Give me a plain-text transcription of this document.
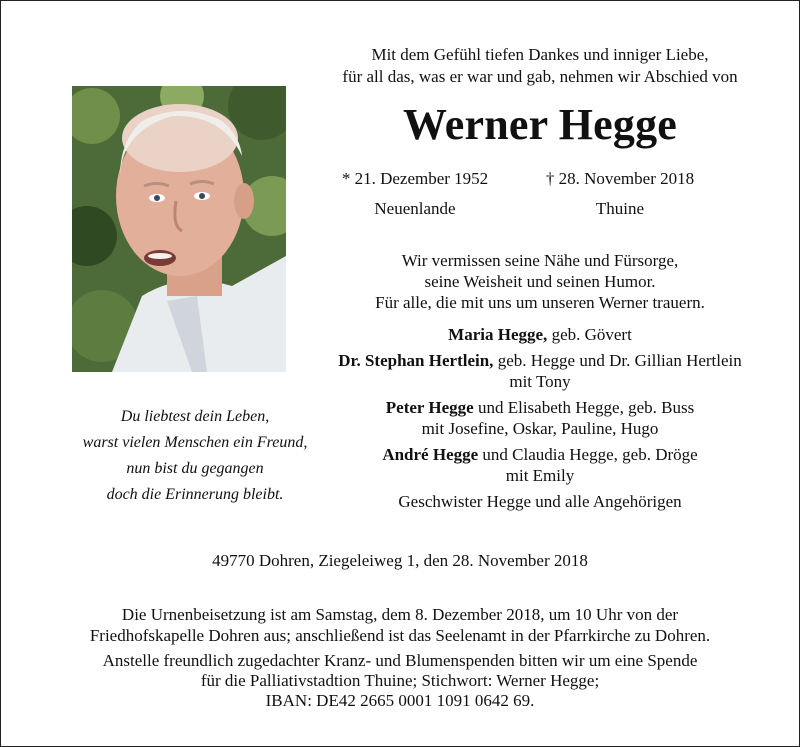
Mit dem Gefühl tiefen Dankes und inniger Liebe,
für all das, was er war und gab, nehmen wir Abschied von
Werner Hegge
* 21. Dezember 1952
Neuenlande
† 28. November 2018
Thuine
Du liebtest dein Leben,
warst vielen Menschen ein Freund,
nun bist du gegangen
doch die Erinnerung bleibt.
Wir vermissen seine Nähe und Fürsorge,
seine Weisheit und seinen Humor.
Für alle, die mit uns um unseren Werner trauern.
Maria Hegge, geb. Gövert
Dr. Stephan Hertlein, geb. Hegge und Dr. Gillian Hertlein
mit Tony
Peter Hegge und Elisabeth Hegge, geb. Buss
mit Josefine, Oskar, Pauline, Hugo
André Hegge und Claudia Hegge, geb. Dröge
mit Emily
Geschwister Hegge und alle Angehörigen
49770 Dohren, Ziegeleiweg 1, den 28. November 2018
Die Urnenbeisetzung ist am Samstag, dem 8. Dezember 2018, um 10 Uhr von der
Friedhofskapelle Dohren aus; anschließend ist das Seelenamt in der Pfarrkirche zu Dohren.
Anstelle freundlich zugedachter Kranz- und Blumenspenden bitten wir um eine Spende
für die Palliativstadtion Thuine; Stichwort: Werner Hegge;
IBAN: DE42 2665 0001 1091 0642 69.
